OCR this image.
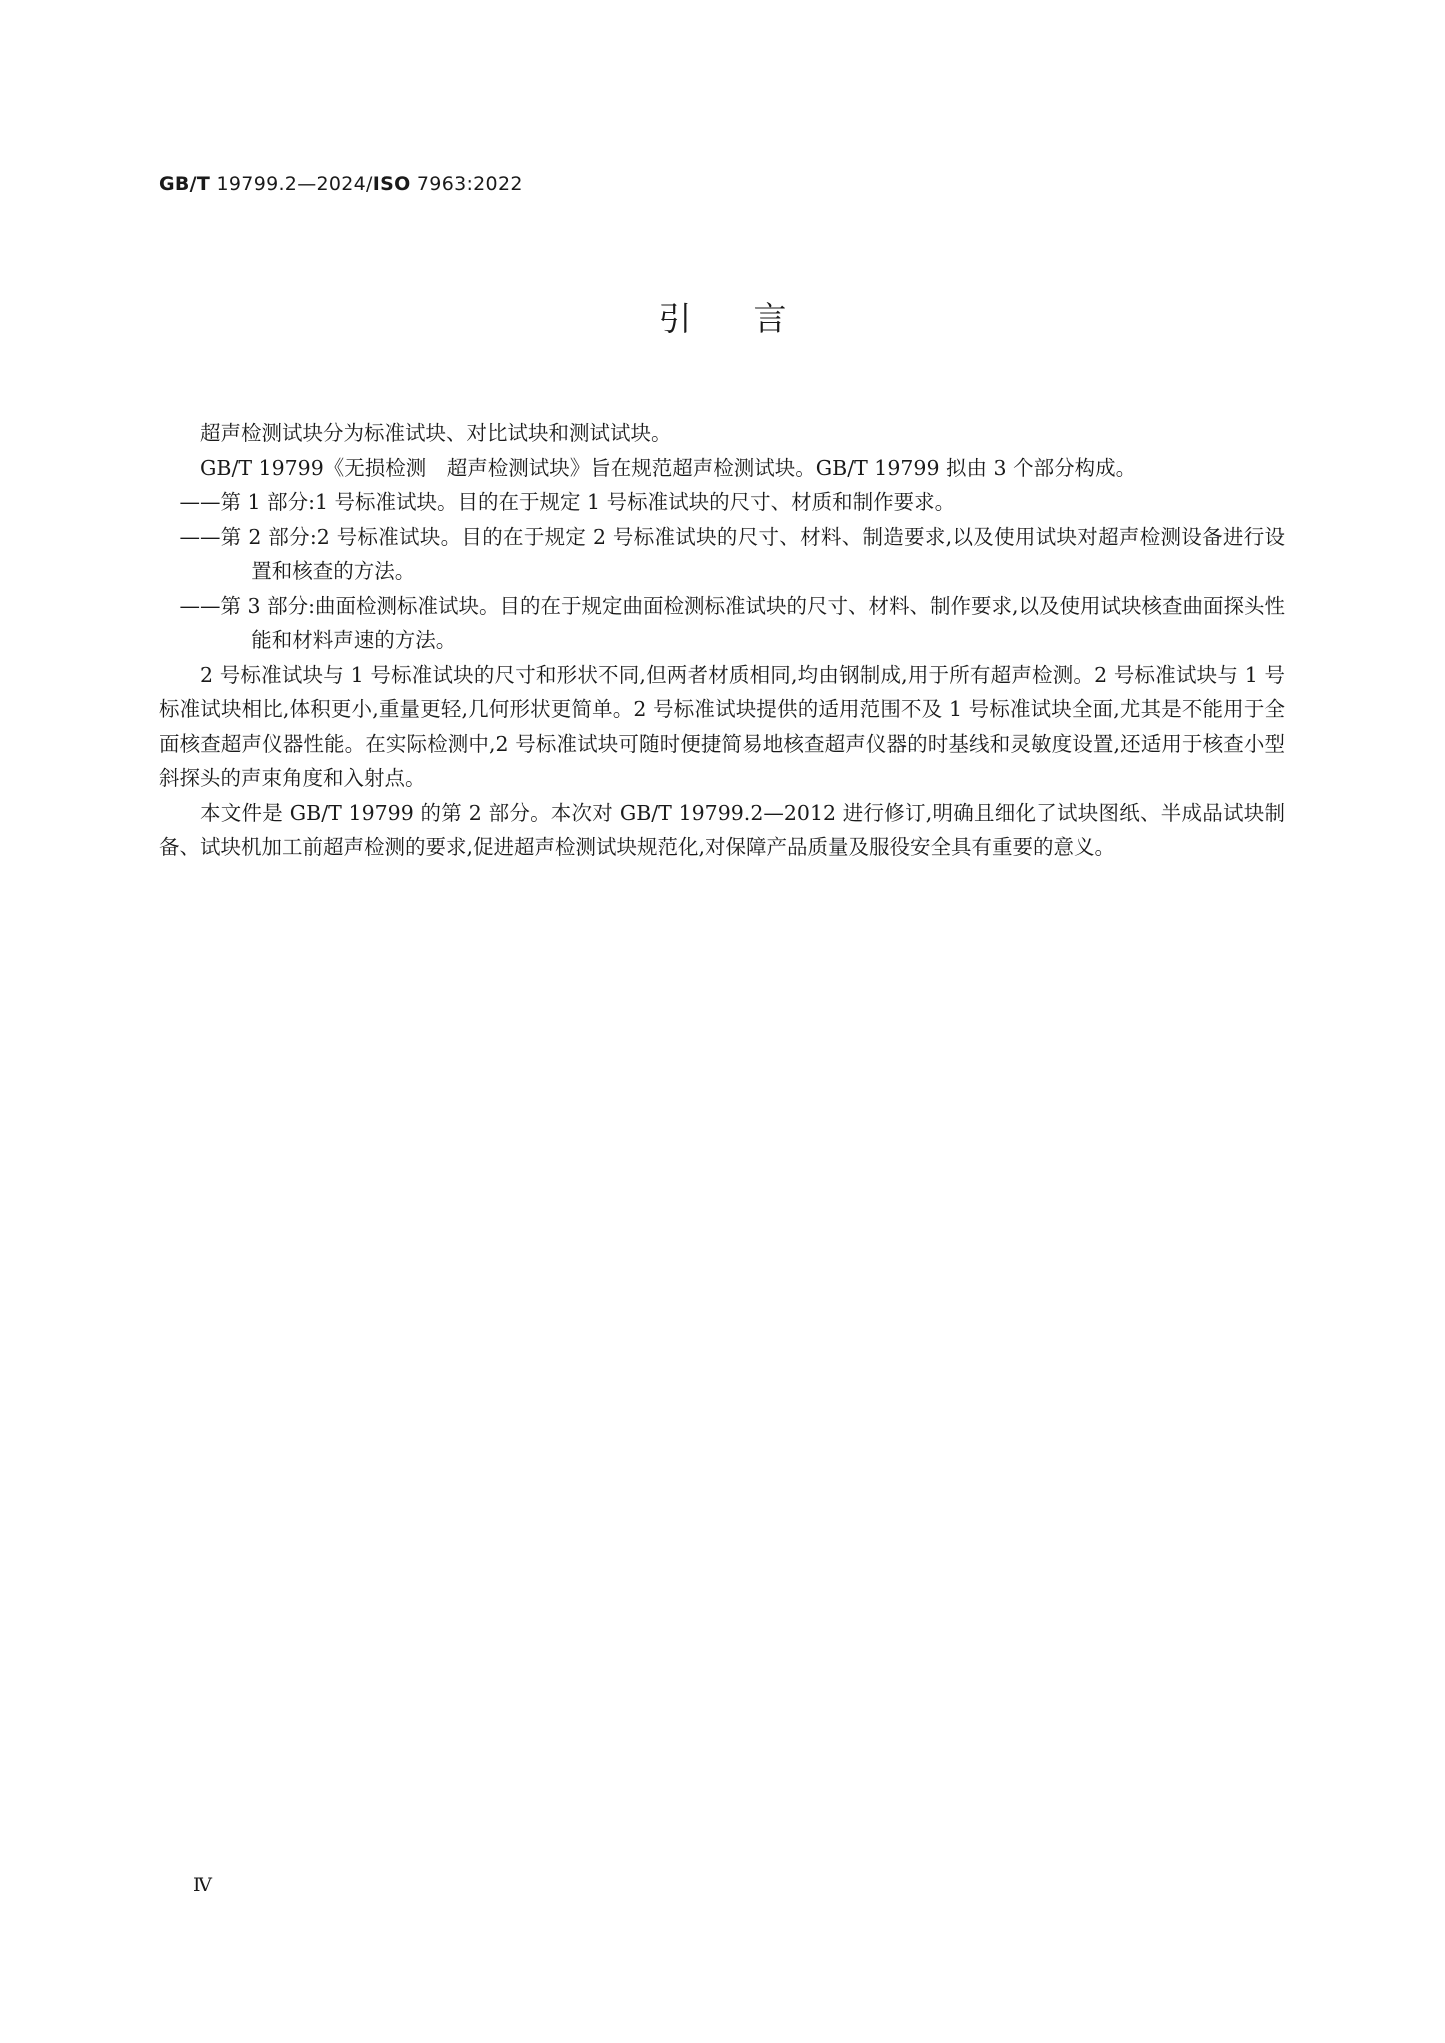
GB/T 19799.2—2024/ISO 7963:2022
引言

超声检测试块分为标准试块、对比试块和测试试块。

GB/T 19799《无损检测　超声检测试块》旨在规范超声检测试块。GB/T 19799 拟由 3 个部分构成。

——第 1 部分:1 号标准试块。目的在于规定 1 号标准试块的尺寸、材质和制作要求。

——第 2 部分:2 号标准试块。目的在于规定 2 号标准试块的尺寸、材料、制造要求,以及使用试块对超声检测设备进行设置和核查的方法。

——第 3 部分:曲面检测标准试块。目的在于规定曲面检测标准试块的尺寸、材料、制作要求,以及使用试块核查曲面探头性能和材料声速的方法。

2 号标准试块与 1 号标准试块的尺寸和形状不同,但两者材质相同,均由钢制成,用于所有超声检测。2 号标准试块与 1 号标准试块相比,体积更小,重量更轻,几何形状更简单。2 号标准试块提供的适用范围不及 1 号标准试块全面,尤其是不能用于全面核查超声仪器性能。在实际检测中,2 号标准试块可随时便捷简易地核查超声仪器的时基线和灵敏度设置,还适用于核查小型斜探头的声束角度和入射点。

本文件是 GB/T 19799 的第 2 部分。本次对 GB/T 19799.2—2012 进行修订,明确且细化了试块图纸、半成品试块制备、试块机加工前超声检测的要求,促进超声检测试块规范化,对保障产品质量及服役安全具有重要的意义。

Ⅳ
